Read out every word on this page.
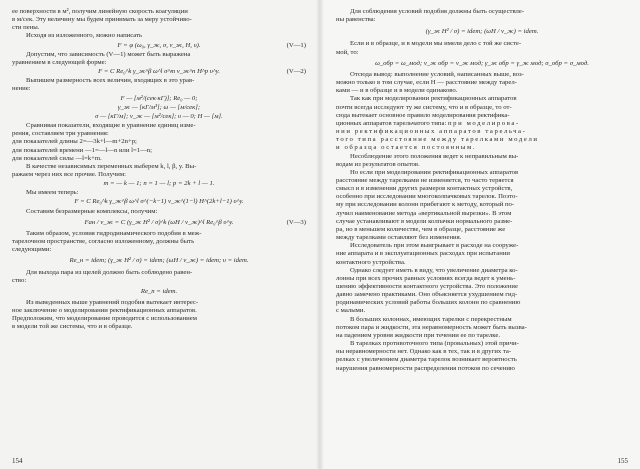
ее поверхности в м², получим линейную скорость коагуляции

в м/сек. Эту величину мы будем принимать за меру устойчиво-

сти пены.

Исходя из изложенного, можно написать

F = φ (ω₀, γ_ж, σ, ν_ж, H, υ).	(V—1)

Допустим, что зависимость (V—1) может быть выражена

уравнением в следующей форме:

F = C Re₀^k γ_ж^β ω^l σ^m ν_ж^n H^p υ^y.	(V—2)

Выпишем размерность всех величин, входящих в это урав-

нение:

F — [м²/(сек·кГ)]; Re₀ — 0;
γ_ж — [кГ/м³]; ω — [м/сек];
σ — [кГ/м]; ν_ж — [м²/сек]; υ — 0; H — [м].

Сравнивая показатели, входящие в уравнение единиц изме-

рения, составляем три уравнения:

для показателей длины 2=—3k+l—m+2n+p;

для показателей времени —1=—l—n или l=1—n;

для показателей силы —l=k+m.

В качестве независимых переменных выберем k, l, β, y. Вы-

ражаем через них все прочие. Получим:

m = — k — 1; n = 1 — l; p = 2k + l — 1.

Мы имеем теперь:

F = C Re₀^k γ_ж^β ω^l σ^(−k−1) ν_ж^(1−l) H^(2k+l−1) υ^y.

Составим безразмерные комплексы, получим:

Faн / ν_ж = C (γ_ж H² / σ)^k (ωH / ν_ж)^l Re₀^β υ^y.	(V—3)

Таким образом, условия гидродинамического подобия в меж-

тарелочном пространстве, согласно изложенному, должны быть

следующими:

Re_н = idem; (γ_ж H² / σ) = idem; (ωH / ν_ж) = idem; υ = idem.

Для выхода пара из щелей должно быть соблюдено равен-

ство:

Re_п = idem.

Из выведенных выше уравнений подобия вытекает интерес-

ное заключение о моделировании ректификационных аппаратов.

Предположим, что моделирование проводится с использованием

в модели той же системы, что и в образце.

154

Для соблюдения условий подобия должны быть осуществле-

ны равенства:

(γ_ж H² / σ) = idem; (ωH / ν_ж) = idem.

Если и в образце, и в модели мы имели дело с той же систе-

мой, то:

ω_обр = ω_мод; ν_ж обр = ν_ж мод; γ_ж обр = γ_ж мод; σ_обр = σ_мод.

Отсюда вывод: выполнение условий, написанных выше, воз-

можно только в том случае, если H — расстояние между тарел-

ками — и в образце и в модели одинаково.

Так как при моделировании ректификационных аппаратов

почти всегда исследуют ту же систему, что и в образце, то от-

сюда вытекает основное правило моделирования ректифика-

ционных аппаратов тарельчатого типа: при моделирова-

нии ректификационных аппаратов тарельча-

того типа расстояние между тарелками модели

и образца остается постоянным.

Несоблюдение этого положения ведет к неправильным вы-

водам из результатов опытов.

Но если при моделировании ректификационных аппаратов

расстояние между тарелками не изменяется, то часто теряется

смысл и в изменении других размеров контактных устройств,

особенно при исследовании многоколпачковых тарелок. Поэто-

му при исследовании колонн прибегают к методу, который по-

лучил наименование метода «вертикальной вырезки». В этом

случае устанавливают в модели колпачки нормального разме-

ра, но в меньшем количестве, чем в образце, расстояние же

между тарелками оставляют без изменения.

Исследователь при этом выигрывает в расходе на сооруже-

ние аппарата и в эксплуатационных расходах при испытании

контактного устройства.

Однако следует иметь в виду, что увеличение диаметра ко-

лонны при всех прочих равных условиях всегда ведет к умень-

шению эффективности контактного устройства. Это положение

давно замечено практиками. Оно объясняется ухудшением гид-

родинамических условий работы больших колонн по сравнению

с малыми.

В больших колоннах, имеющих тарелки с перекрестным

потоком пара и жидкости, эта неравномерность может быть вызва-

на падением уровня жидкости при течении ее по тарелке.

В тарелках противоточного типа (провальных) этой причи-

ны неравномерности нет. Однако как в тех, так и в других та-

релках с увеличением диаметра тарелок возникает вероятность

нарушения равномерности распределения потоков по сечению

155
